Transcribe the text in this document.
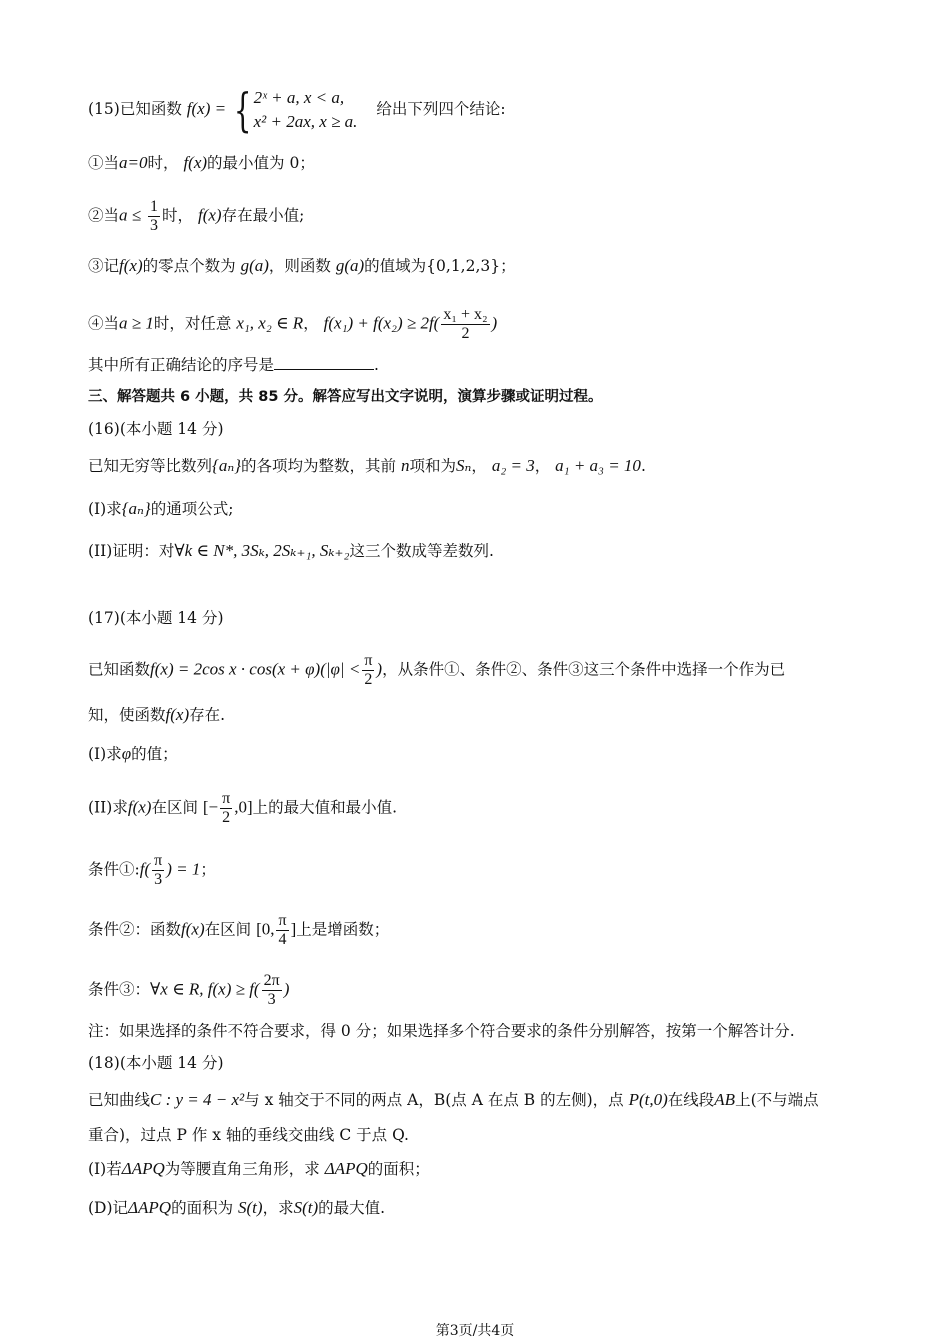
(15)已知函数 f(x) = { 2ˣ + a, x < a,
x² + 2ax, x ≥ a.
给出下列四个结论:
①当a=0时， f(x)的最小值为 0；
②当$a \le \frac{1}{3}$ 时， f(x)存在最小值;
③记f(x)的零点个数为 g(a)，则函数 g(a)的值域为{0,1,2,3}；
④当a ≥ 1时，对任意 x₁, x₂ ∈ R， $f(x_1) + f(x_2) \ge 2f( \frac{\text{x₁ + x₂}}{2}$ )
其中所有正确结论的序号是	.
三、解答题共 6 小题，共 85 分。解答应写出文字说明，演算步骤或证明过程。
(16)(本小题 14 分)
已知无穷等比数列{aₙ}的各项均为整数，其前 n项和为Sₙ， a₂ = 3， a₁ + a₃ = 10.
(I)求{aₙ}的通项公式;
(II)证明：对∀k ∈ N*, 3Sₖ, 2Sₖ₊₁, Sₖ₊₂这三个数成等差数列.
(17)(本小题 14 分)
已知函数f(x) = 2cos $x \cdot \cos(x + \varphi)(|\varphi| < \frac{\pi}{2}$ )，从条件①、条件②、条件③这三个条件中选择一个作为已
知，使函数f(x)存在.
(I)求φ的值；
(II)求f(x)在区间 [− $\frac{\pi}{2} ,0$]上的最大值和最小值.
条件①:f( $\frac{\pi}{3}$ ) = 1；
条件②：函数f(x)在区间 [0, $\frac{\pi}{4}$ ]上是增函数；
条件③：∀x ∈ R, $f(x) \ge f( \frac{2\pi}{3}$ )
注：如果选择的条件不符合要求，得 0 分；如果选择多个符合要求的条件分别解答，按第一个解答计分.
(18)(本小题 14 分)
已知曲线C : y = 4 − x²与 x 轴交于不同的两点 A，B(点 A 在点 B 的左侧)，点 P(t,0)在线段AB上(不与端点
重合)，过点 P 作 x 轴的垂线交曲线 C 于点 Q.
(I)若ΔAPQ为等腰直角三角形，求 ΔAPQ的面积；
(D)记ΔAPQ的面积为 S(t)，求S(t)的最大值.
第3页/共4页
